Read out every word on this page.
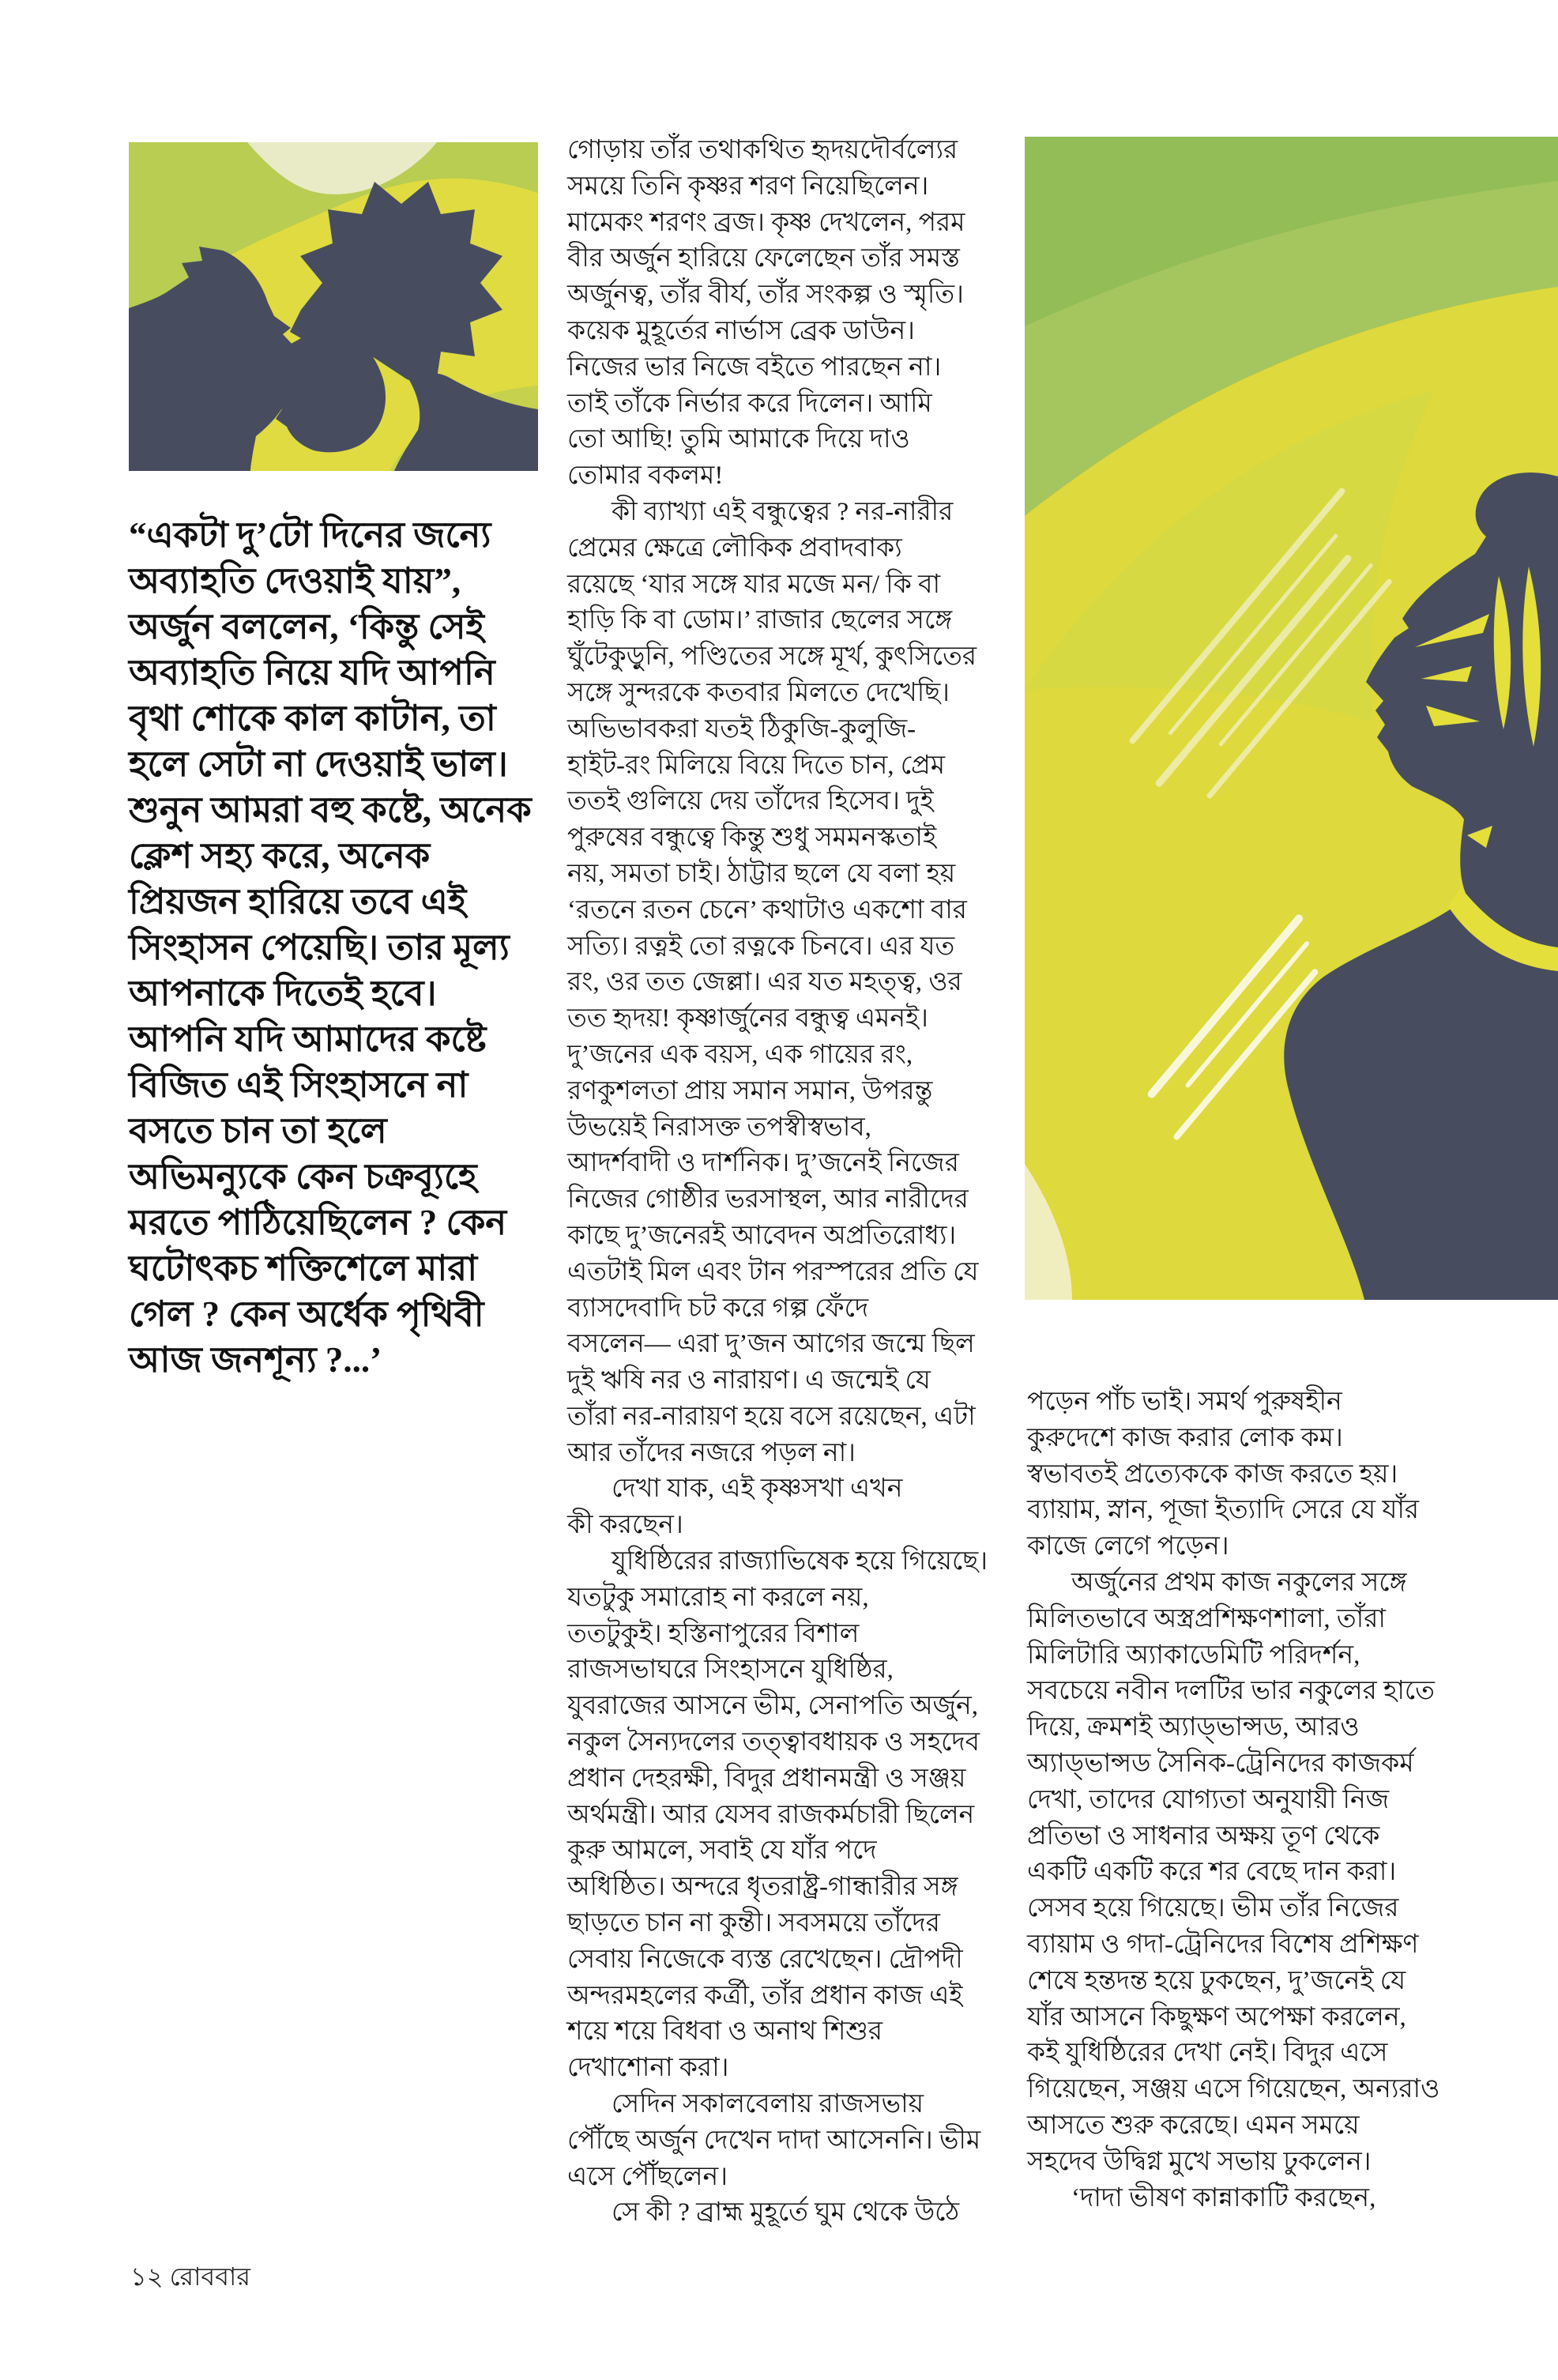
“একটা দু’টো দিনের জন্যে
অব্যাহতি দেওয়াই যায়”,
অর্জুন বললেন, ‘কিন্তু সেই
অব্যাহতি নিয়ে যদি আপনি
বৃথা শোকে কাল কাটান, তা
হলে সেটা না দেওয়াই ভাল।
শুনুন আমরা বহু কষ্টে, অনেক
ক্লেশ সহ্য করে, অনেক
প্রিয়জন হারিয়ে তবে এই
সিংহাসন পেয়েছি। তার মূল্য
আপনাকে দিতেই হবে।
আপনি যদি আমাদের কষ্টে
বিজিত এই সিংহাসনে না
বসতে চান তা হলে
অভিমন্যুকে কেন চক্রব্যূহে
মরতে পাঠিয়েছিলেন ? কেন
ঘটোৎকচ শক্তিশেলে মারা
গেল ? কেন অর্ধেক পৃথিবী
আজ জনশূন্য ?...’
গোড়ায় তাঁর তথাকথিত হৃদয়দৌর্বল্যের
সময়ে তিনি কৃষ্ণর শরণ নিয়েছিলেন।
মামেকং শরণং ব্রজ। কৃষ্ণ দেখলেন, পরম
বীর অর্জুন হারিয়ে ফেলেছেন তাঁর সমস্ত
অর্জুনত্ব, তাঁর বীর্য, তাঁর সংকল্প ও স্মৃতি।
কয়েক মুহূর্তের নার্ভাস ব্রেক ডাউন।
নিজের ভার নিজে বইতে পারছেন না।
তাই তাঁকে নির্ভার করে দিলেন। আমি
তো আছি! তুমি আমাকে দিয়ে দাও
তোমার বকলম!
কী ব্যাখ্যা এই বন্ধুত্বের ? নর-নারীর
প্রেমের ক্ষেত্রে লৌকিক প্রবাদবাক্য
রয়েছে ‘যার সঙ্গে যার মজে মন/ কি বা
হাড়ি কি বা ডোম।’ রাজার ছেলের সঙ্গে
ঘুঁটেকুড়ুনি, পণ্ডিতের সঙ্গে মূর্খ, কুৎসিতের
সঙ্গে সুন্দরকে কতবার মিলতে দেখেছি।
অভিভাবকরা যতই ঠিকুজি-কুলুজি-
হাইট-রং মিলিয়ে বিয়ে দিতে চান, প্রেম
ততই গুলিয়ে দেয় তাঁদের হিসেব। দুই
পুরুষের বন্ধুত্বে কিন্তু শুধু সমমনস্কতাই
নয়, সমতা চাই। ঠাট্টার ছলে যে বলা হয়
‘রতনে রতন চেনে’ কথাটাও একশো বার
সত্যি। রত্নই তো রত্নকে চিনবে। এর যত
রং, ওর তত জেল্লা। এর যত মহত্ত্ব, ওর
তত হৃদয়! কৃষ্ণার্জুনের বন্ধুত্ব এমনই।
দু’জনের এক বয়স, এক গায়ের রং,
রণকুশলতা প্রায় সমান সমান, উপরন্তু
উভয়েই নিরাসক্ত তপস্বীস্বভাব,
আদর্শবাদী ও দার্শনিক। দু’জনেই নিজের
নিজের গোষ্ঠীর ভরসাস্থল, আর নারীদের
কাছে দু’জনেরই আবেদন অপ্রতিরোধ্য।
এতটাই মিল এবং টান পরস্পরের প্রতি যে
ব্যাসদেবাদি চট করে গল্প ফেঁদে
বসলেন— এরা দু’জন আগের জন্মে ছিল
দুই ঋষি নর ও নারায়ণ। এ জন্মেই যে
তাঁরা নর-নারায়ণ হয়ে বসে রয়েছেন, এটা
আর তাঁদের নজরে পড়ল না।
দেখা যাক, এই কৃষ্ণসখা এখন
কী করছেন।
যুধিষ্ঠিরের রাজ্যাভিষেক হয়ে গিয়েছে।
যতটুকু সমারোহ না করলে নয়,
ততটুকুই। হস্তিনাপুরের বিশাল
রাজসভাঘরে সিংহাসনে যুধিষ্ঠির,
যুবরাজের আসনে ভীম, সেনাপতি অর্জুন,
নকুল সৈন্যদলের তত্ত্বাবধায়ক ও সহদেব
প্রধান দেহরক্ষী, বিদুর প্রধানমন্ত্রী ও সঞ্জয়
অর্থমন্ত্রী। আর যেসব রাজকর্মচারী ছিলেন
কুরু আমলে, সবাই যে যাঁর পদে
অধিষ্ঠিত। অন্দরে ধৃতরাষ্ট্র-গান্ধারীর সঙ্গ
ছাড়তে চান না কুন্তী। সবসময়ে তাঁদের
সেবায় নিজেকে ব্যস্ত রেখেছেন। দ্রৌপদী
অন্দরমহলের কর্ত্রী, তাঁর প্রধান কাজ এই
শয়ে শয়ে বিধবা ও অনাথ শিশুর
দেখাশোনা করা।
সেদিন সকালবেলায় রাজসভায়
পৌঁছে অর্জুন দেখেন দাদা আসেননি। ভীম
এসে পৌঁছলেন।
সে কী ? ব্রাহ্ম মুহূর্তে ঘুম থেকে উঠে
পড়েন পাঁচ ভাই। সমর্থ পুরুষহীন
কুরুদেশে কাজ করার লোক কম।
স্বভাবতই প্রত্যেককে কাজ করতে হয়।
ব্যায়াম, স্নান, পূজা ইত্যাদি সেরে যে যাঁর
কাজে লেগে পড়েন।
অর্জুনের প্রথম কাজ নকুলের সঙ্গে
মিলিতভাবে অস্ত্রপ্রশিক্ষণশালা, তাঁরা
মিলিটারি অ্যাকাডেমিটি পরিদর্শন,
সবচেয়ে নবীন দলটির ভার নকুলের হাতে
দিয়ে, ক্রমশই অ্যাড্ভান্সড, আরও
অ্যাড্ভান্সড সৈনিক-ট্রেনিদের কাজকর্ম
দেখা, তাদের যোগ্যতা অনুযায়ী নিজ
প্রতিভা ও সাধনার অক্ষয় তূণ থেকে
একটি একটি করে শর বেছে দান করা।
সেসব হয়ে গিয়েছে। ভীম তাঁর নিজের
ব্যায়াম ও গদা-ট্রেনিদের বিশেষ প্রশিক্ষণ
শেষে হন্তদন্ত হয়ে ঢুকছেন, দু’জনেই যে
যাঁর আসনে কিছুক্ষণ অপেক্ষা করলেন,
কই যুধিষ্ঠিরের দেখা নেই। বিদুর এসে
গিয়েছেন, সঞ্জয় এসে গিয়েছেন, অন্যরাও
আসতে শুরু করেছে। এমন সময়ে
সহদেব উদ্বিগ্ন মুখে সভায় ঢুকলেন।
‘দাদা ভীষণ কান্নাকাটি করছেন,
১২ রোববার
